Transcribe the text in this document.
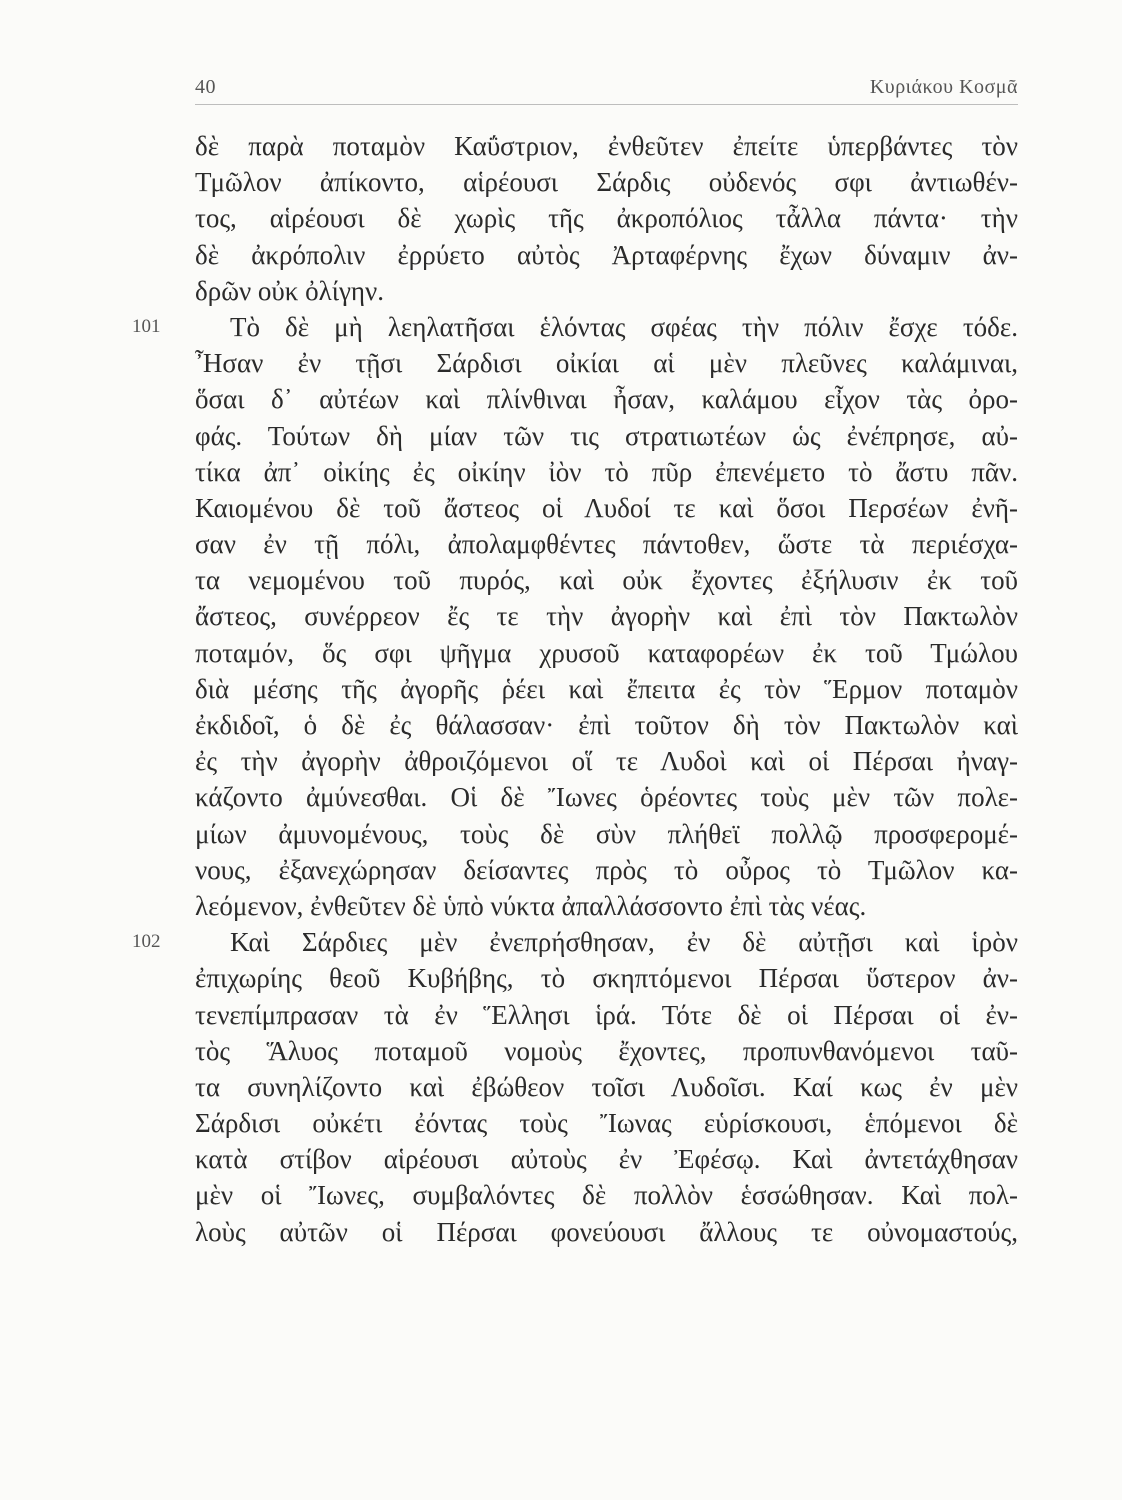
40	Κυριάκου Κοσμᾶ
δὲ παρὰ ποταμὸν Καΰστριον, ἐνθεῦτεν ἐπείτε ὑπερβάντες τὸν
Τμῶλον ἀπίκοντο, αἱρέουσι Σάρδις οὐδενός σφι ἀντιωθέν-
τος, αἱρέουσι δὲ χωρὶς τῆς ἀκροπόλιος τἆλλα πάντα· τὴν
δὲ ἀκρόπολιν ἐρρύετο αὐτὸς Ἀρταφέρνης ἔχων δύναμιν ἀν-
δρῶν οὐκ ὀλίγην.
101	Τὸ δὲ μὴ λεηλατῆσαι ἑλόντας σφέας τὴν πόλιν ἔσχε τόδε.
Ἦσαν ἐν τῇσι Σάρδισι οἰκίαι αἱ μὲν πλεῦνες καλάμιναι,
ὅσαι δ᾽ αὐτέων καὶ πλίνθιναι ἦσαν, καλάμου εἶχον τὰς ὀρο-
φάς. Τούτων δὴ μίαν τῶν τις στρατιωτέων ὡς ἐνέπρησε, αὐ-
τίκα ἀπ᾽ οἰκίης ἐς οἰκίην ἰὸν τὸ πῦρ ἐπενέμετο τὸ ἄστυ πᾶν.
Καιομένου δὲ τοῦ ἄστεος οἱ Λυδοί τε καὶ ὅσοι Περσέων ἐνῆ-
σαν ἐν τῇ πόλι, ἀπολαμφθέντες πάντοθεν, ὥστε τὰ περιέσχα-
τα νεμομένου τοῦ πυρός, καὶ οὐκ ἔχοντες ἐξήλυσιν ἐκ τοῦ
ἄστεος, συνέρρεον ἔς τε τὴν ἀγορὴν καὶ ἐπὶ τὸν Πακτωλὸν
ποταμόν, ὅς σφι ψῆγμα χρυσοῦ καταφορέων ἐκ τοῦ Τμώλου
διὰ μέσης τῆς ἀγορῆς ῥέει καὶ ἔπειτα ἐς τὸν Ἕρμον ποταμὸν
ἐκδιδοῖ, ὁ δὲ ἐς θάλασσαν· ἐπὶ τοῦτον δὴ τὸν Πακτωλὸν καὶ
ἐς τὴν ἀγορὴν ἀθροιζόμενοι οἵ τε Λυδοὶ καὶ οἱ Πέρσαι ἠναγ-
κάζοντο ἀμύνεσθαι. Οἱ δὲ Ἴωνες ὁρέοντες τοὺς μὲν τῶν πολε-
μίων ἀμυνομένους, τοὺς δὲ σὺν πλήθεϊ πολλῷ προσφερομέ-
νους, ἐξανεχώρησαν δείσαντες πρὸς τὸ οὖρος τὸ Τμῶλον κα-
λεόμενον, ἐνθεῦτεν δὲ ὑπὸ νύκτα ἀπαλλάσσοντο ἐπὶ τὰς νέας.
102	Καὶ Σάρδιες μὲν ἐνεπρήσθησαν, ἐν δὲ αὐτῇσι καὶ ἱρὸν
ἐπιχωρίης θεοῦ Κυβήβης, τὸ σκηπτόμενοι Πέρσαι ὕστερον ἀν-
τενεπίμπρασαν τὰ ἐν Ἕλλησι ἱρά. Τότε δὲ οἱ Πέρσαι οἱ ἐν-
τὸς Ἅλυος ποταμοῦ νομοὺς ἔχοντες, προπυνθανόμενοι ταῦ-
τα συνηλίζοντο καὶ ἐβώθεον τοῖσι Λυδοῖσι. Καί κως ἐν μὲν
Σάρδισι οὐκέτι ἐόντας τοὺς Ἴωνας εὑρίσκουσι, ἑπόμενοι δὲ
κατὰ στίβον αἱρέουσι αὐτοὺς ἐν Ἐφέσῳ. Καὶ ἀντετάχθησαν
μὲν οἱ Ἴωνες, συμβαλόντες δὲ πολλὸν ἑσσώθησαν. Καὶ πολ-
λοὺς αὐτῶν οἱ Πέρσαι φονεύουσι ἄλλους τε οὐνομαστούς,
